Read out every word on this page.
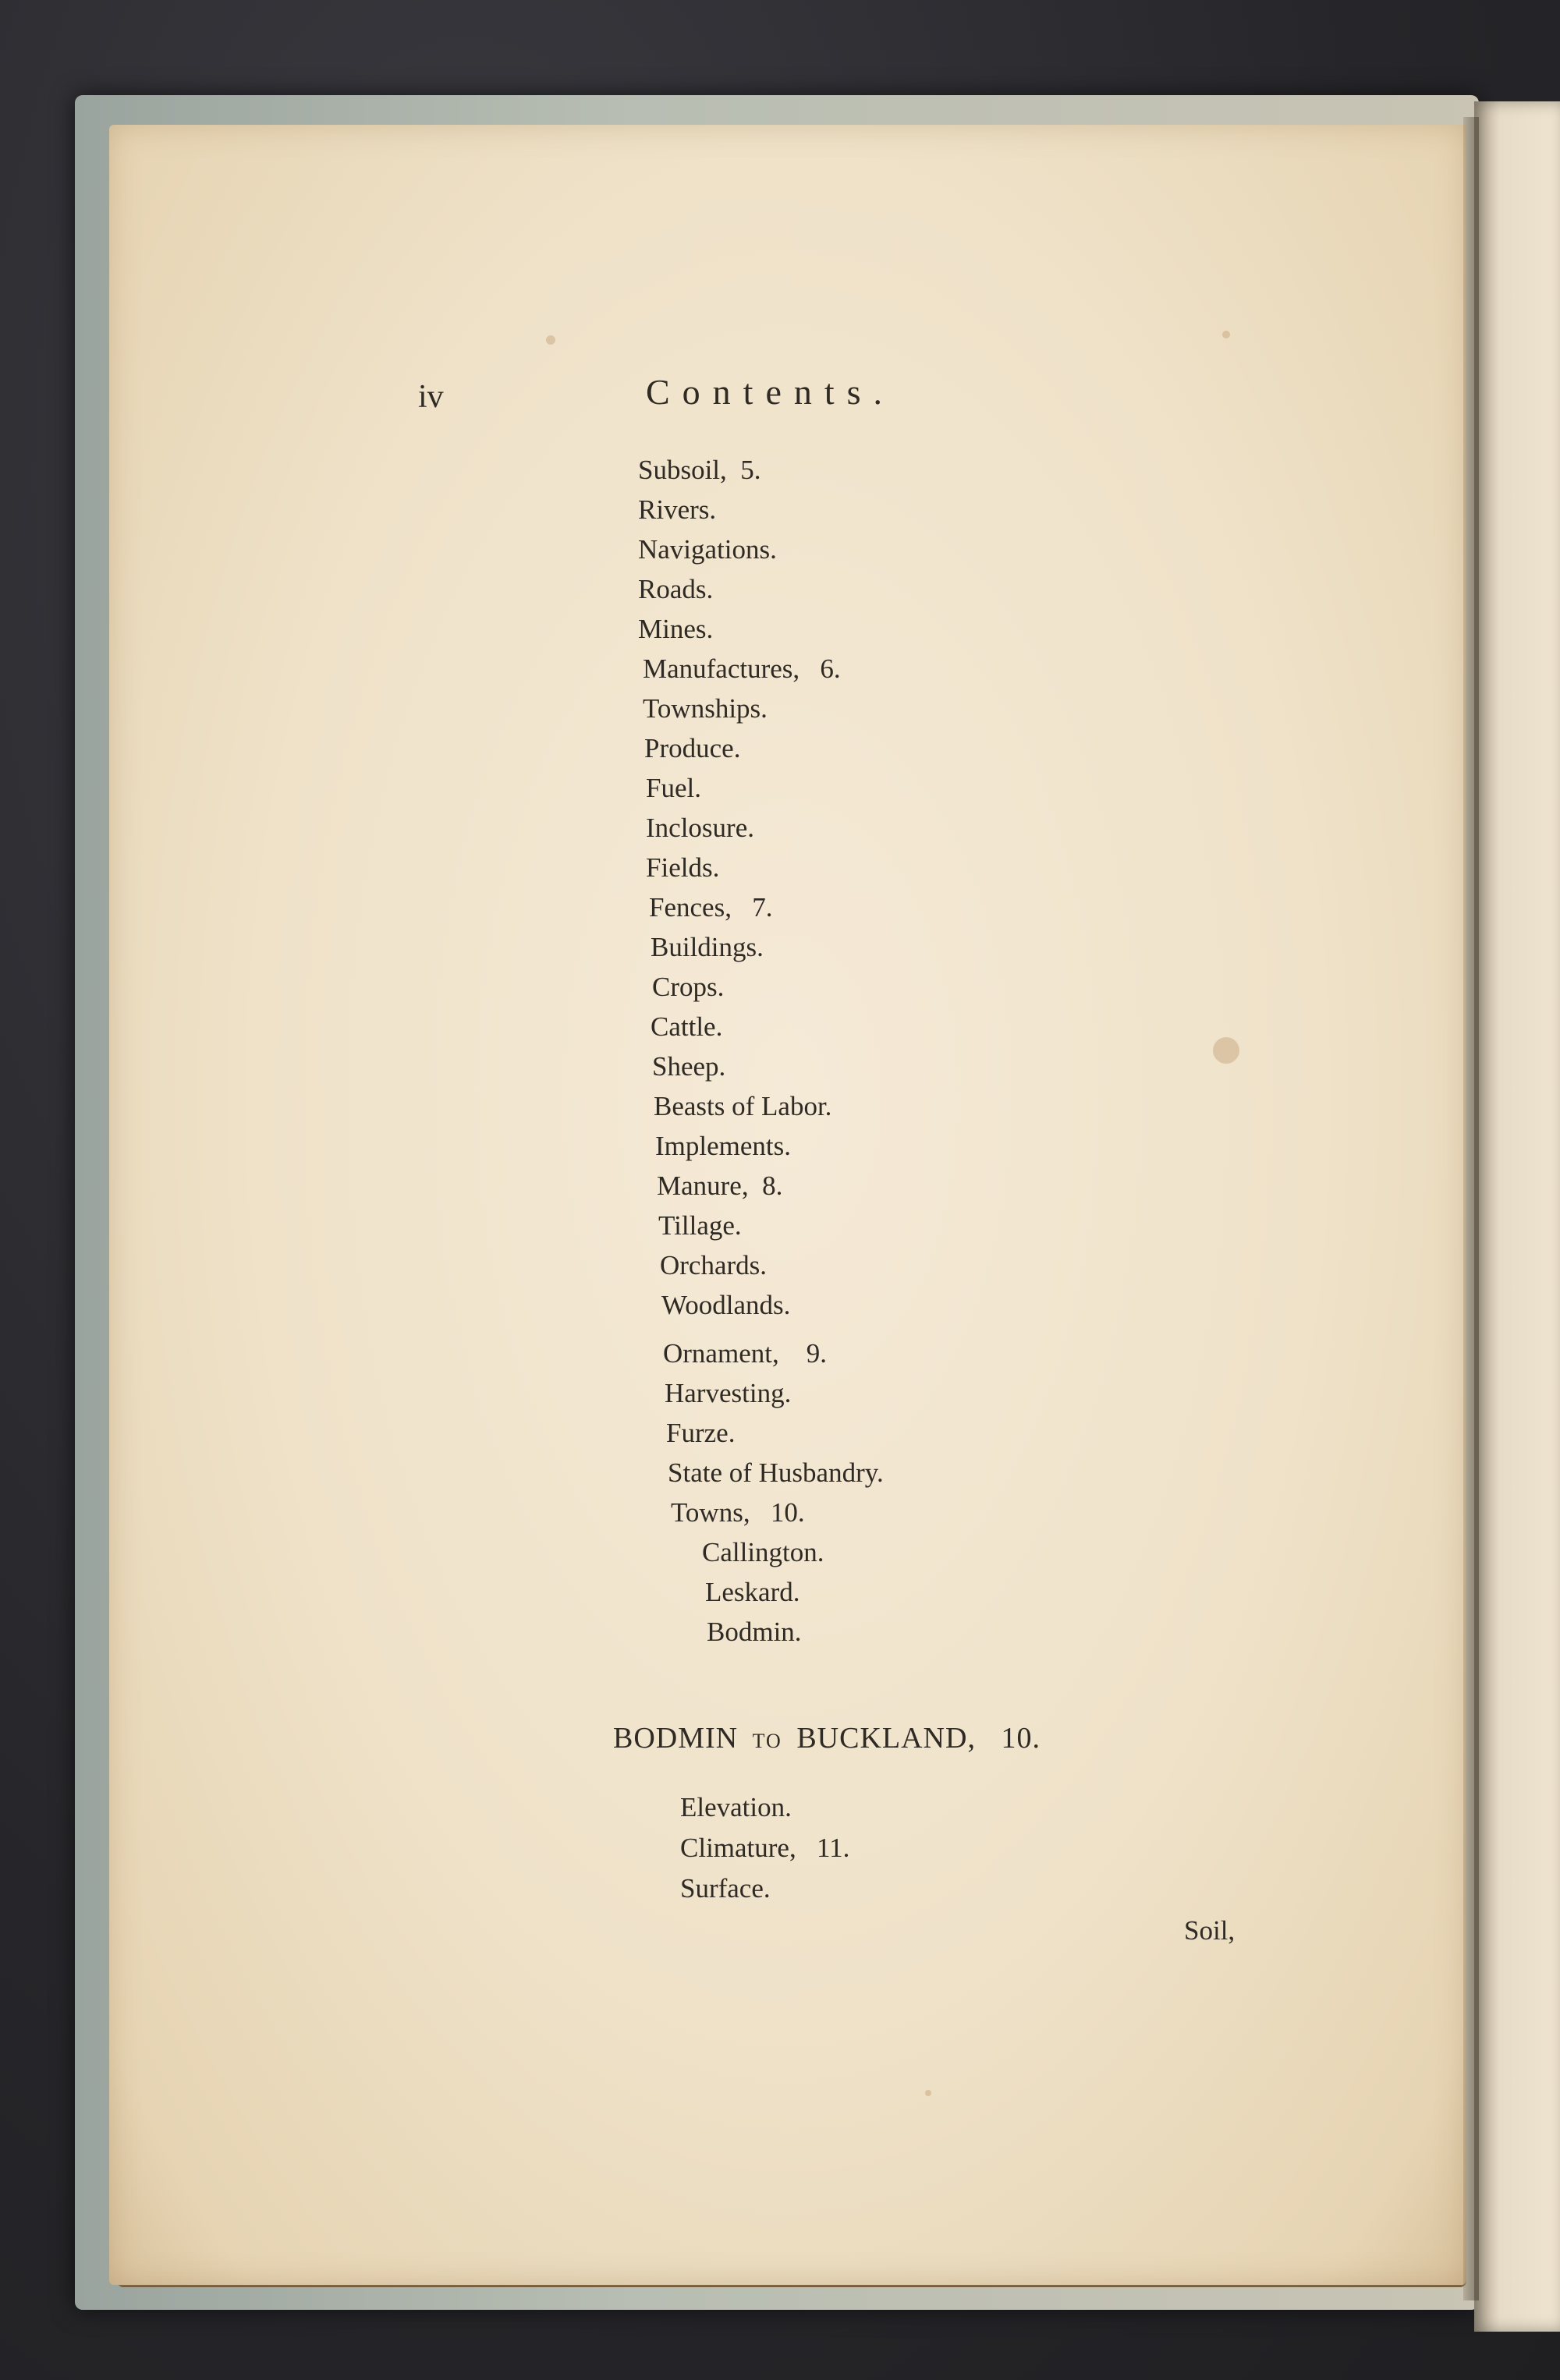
iv	Contents.
Subsoil,  5.
Rivers.
Navigations.
Roads.
Mines.
Manufactures,   6.
Townships.
Produce.
Fuel.
Inclosure.
Fields.
Fences,   7.
Buildings.
Crops.
Cattle.
Sheep.
Beasts of Labor.
Implements.
Manure,  8.
Tillage.
Orchards.
Woodlands.
Ornament,    9.
Harvesting.
Furze.
State of Husbandry.
Towns,   10.
Callington.
Leskard.
Bodmin.
BODMIN TO BUCKLAND, 10.
Elevation.
Climature,   11.
Surface.
Soil,
